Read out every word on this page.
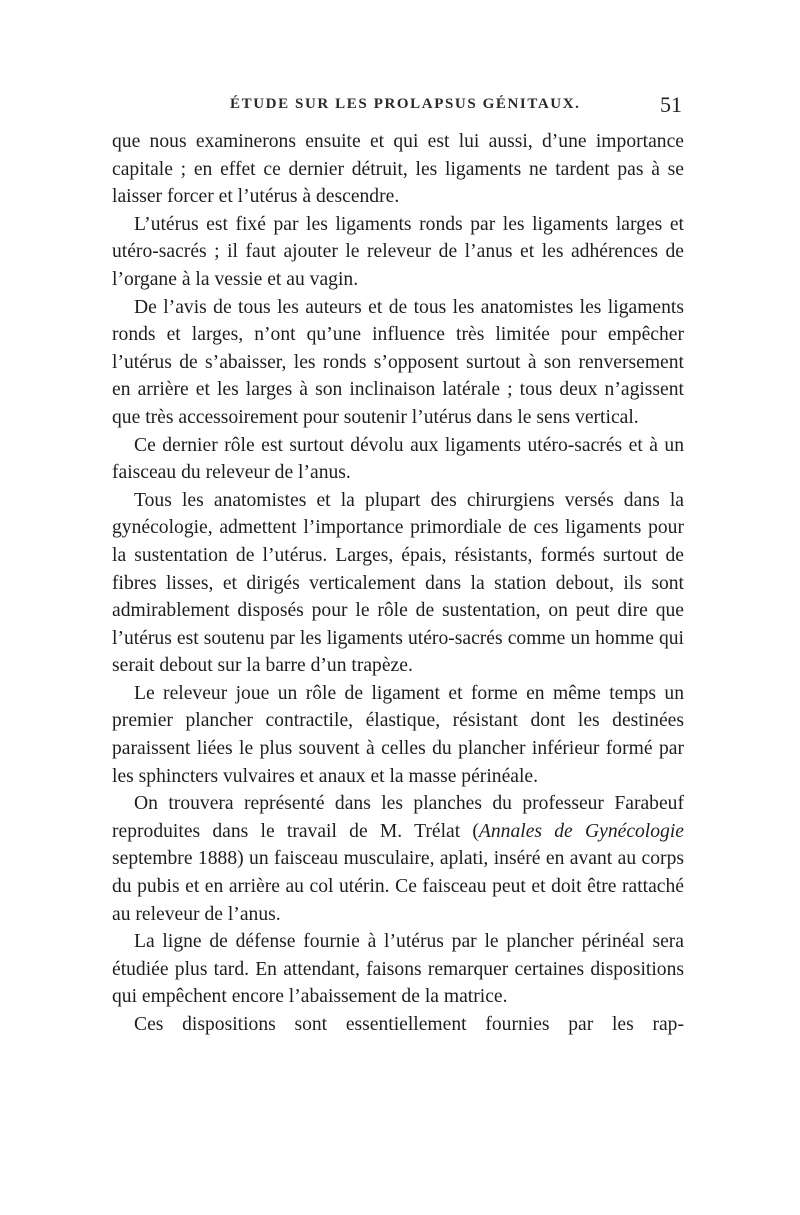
ÉTUDE SUR LES PROLAPSUS GÉNITAUX.	51

que nous examinerons ensuite et qui est lui aussi, d’une importance capitale ; en effet ce dernier détruit, les ligaments ne tardent pas à se laisser forcer et l’utérus à descendre.

L’utérus est fixé par les ligaments ronds par les ligaments larges et utéro-sacrés ; il faut ajouter le releveur de l’anus et les adhérences de l’organe à la vessie et au vagin.

De l’avis de tous les auteurs et de tous les anatomistes les ligaments ronds et larges, n’ont qu’une influence très limitée pour empêcher l’utérus de s’abaisser, les ronds s’opposent surtout à son renversement en arrière et les larges à son inclinaison latérale ; tous deux n’agissent que très accessoirement pour soutenir l’utérus dans le sens vertical.

Ce dernier rôle est surtout dévolu aux ligaments utéro-sacrés et à un faisceau du releveur de l’anus.

Tous les anatomistes et la plupart des chirurgiens versés dans la gynécologie, admettent l’importance primordiale de ces ligaments pour la sustentation de l’utérus. Larges, épais, résistants, formés surtout de fibres lisses, et dirigés verticalement dans la station debout, ils sont admirablement disposés pour le rôle de sustentation, on peut dire que l’utérus est soutenu par les ligaments utéro-sacrés comme un homme qui serait debout sur la barre d’un trapèze.

Le releveur joue un rôle de ligament et forme en même temps un premier plancher contractile, élastique, résistant dont les destinées paraissent liées le plus souvent à celles du plancher inférieur formé par les sphincters vulvaires et anaux et la masse périnéale.

On trouvera représenté dans les planches du professeur Farabeuf reproduites dans le travail de M. Trélat (Annales de Gynécologie septembre 1888) un faisceau musculaire, aplati, inséré en avant au corps du pubis et en arrière au col utérin. Ce faisceau peut et doit être rattaché au releveur de l’anus.

La ligne de défense fournie à l’utérus par le plancher périnéal sera étudiée plus tard. En attendant, faisons remarquer certaines dispositions qui empêchent encore l’abaissement de la matrice.

Ces dispositions sont essentiellement fournies par les rap-
